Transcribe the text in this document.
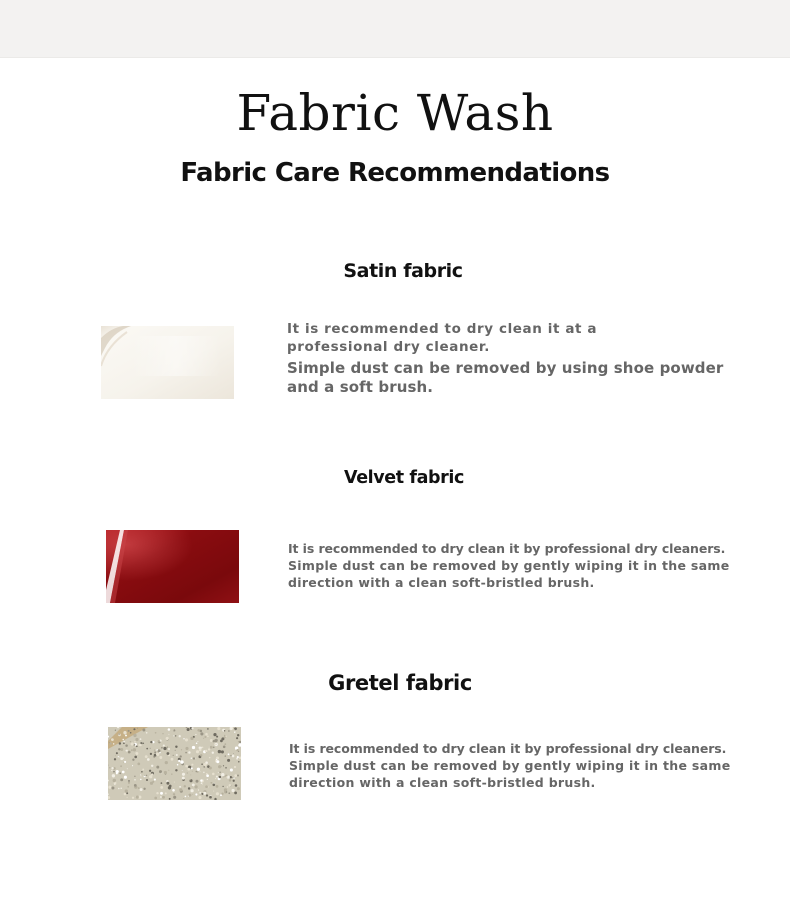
Fabric Wash
Fabric Care Recommendations
Satin fabric

It is recommended to dry clean it at a

professional dry cleaner.

Simple dust can be removed by using shoe powder

and a soft brush.

Velvet fabric

It is recommended to dry clean it by professional dry cleaners.

Simple dust can be removed by gently wiping it in the same

direction with a clean soft-bristled brush.

Gretel fabric

It is recommended to dry clean it by professional dry cleaners.

Simple dust can be removed by gently wiping it in the same

direction with a clean soft-bristled brush.
